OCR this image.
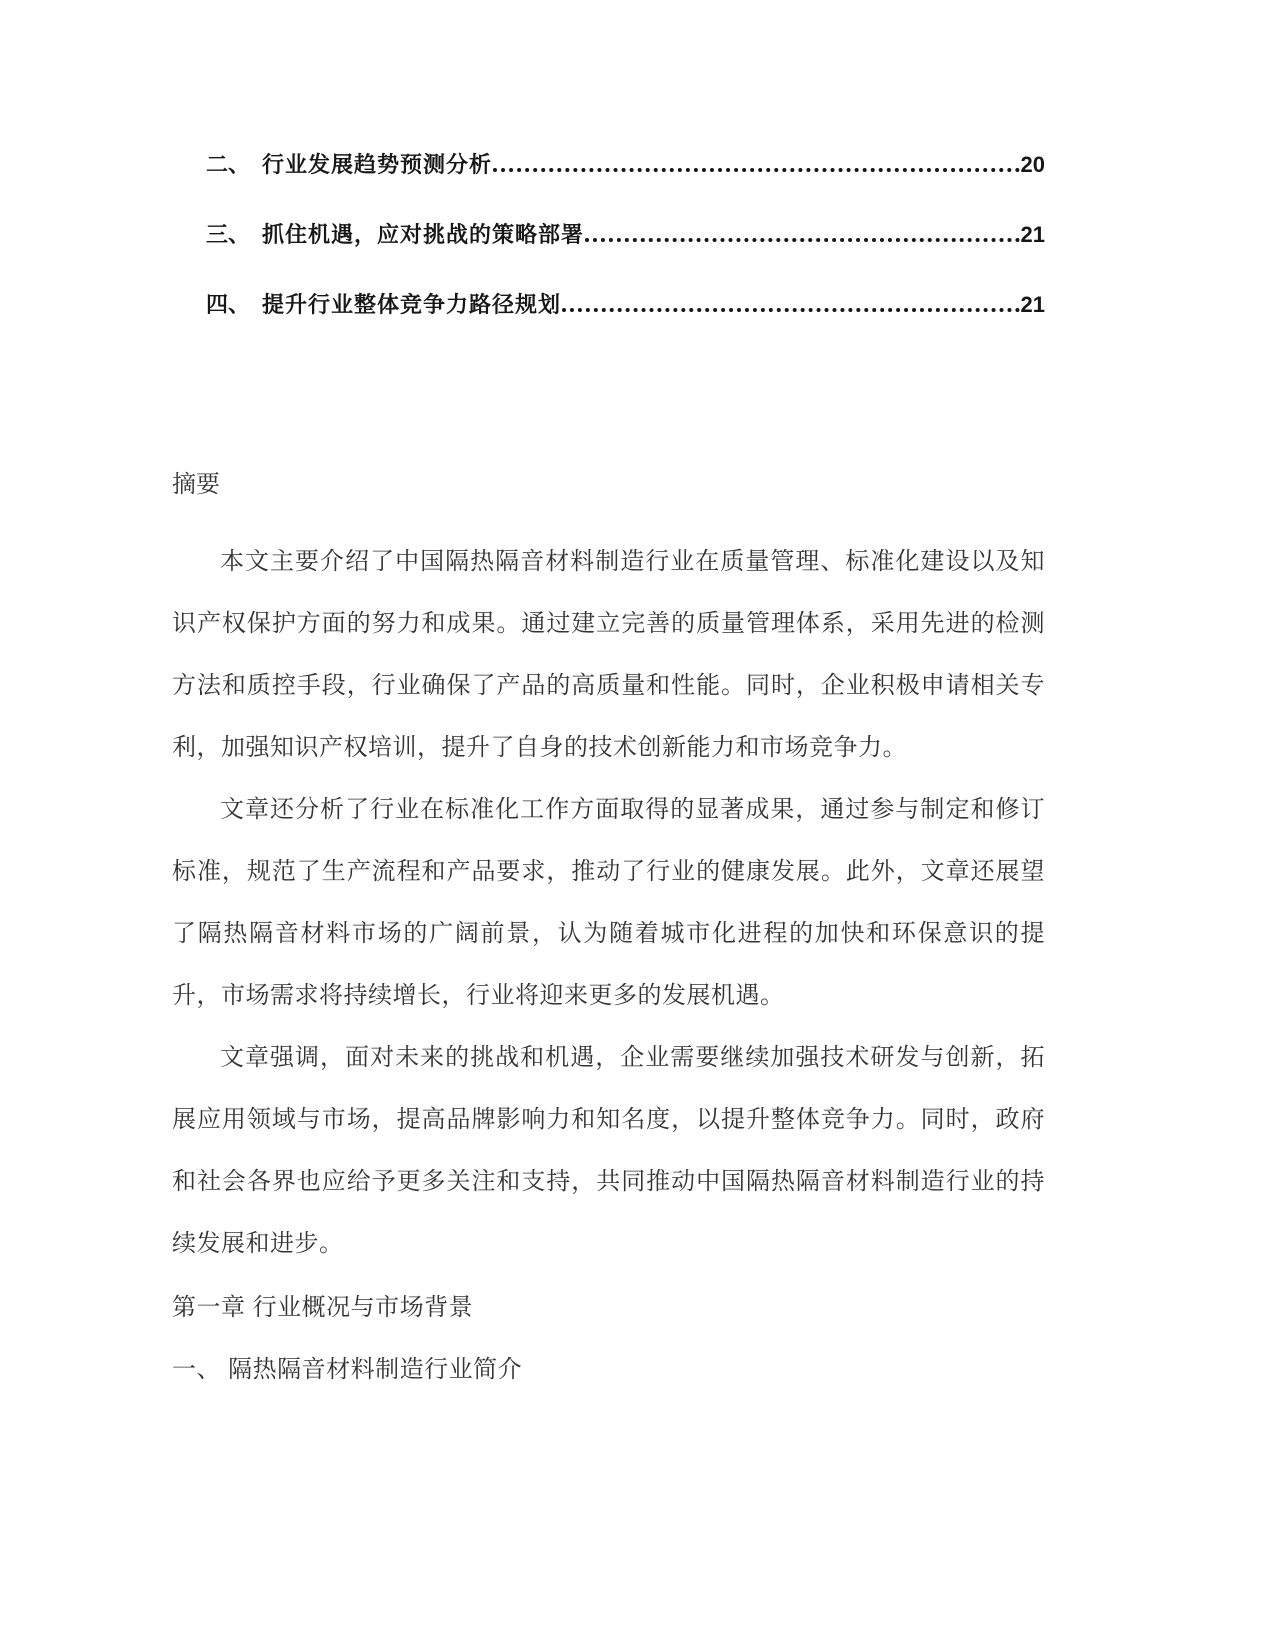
二、 行业发展趋势预测分析	20
三、 抓住机遇，应对挑战的策略部署	21
四、 提升行业整体竞争力路径规划	21
摘要

本文主要介绍了中国隔热隔音材料制造行业在质量管理、标准化建设以及知识产权保护方面的努力和成果。通过建立完善的质量管理体系，采用先进的检测方法和质控手段，行业确保了产品的高质量和性能。同时，企业积极申请相关专利，加强知识产权培训，提升了自身的技术创新能力和市场竞争力。

文章还分析了行业在标准化工作方面取得的显著成果，通过参与制定和修订标准，规范了生产流程和产品要求，推动了行业的健康发展。此外，文章还展望了隔热隔音材料市场的广阔前景，认为随着城市化进程的加快和环保意识的提升，市场需求将持续增长，行业将迎来更多的发展机遇。

文章强调，面对未来的挑战和机遇，企业需要继续加强技术研发与创新，拓展应用领域与市场，提高品牌影响力和知名度，以提升整体竞争力。同时，政府和社会各界也应给予更多关注和支持，共同推动中国隔热隔音材料制造行业的持续发展和进步。

第一章 行业概况与市场背景
一、 隔热隔音材料制造行业简介
